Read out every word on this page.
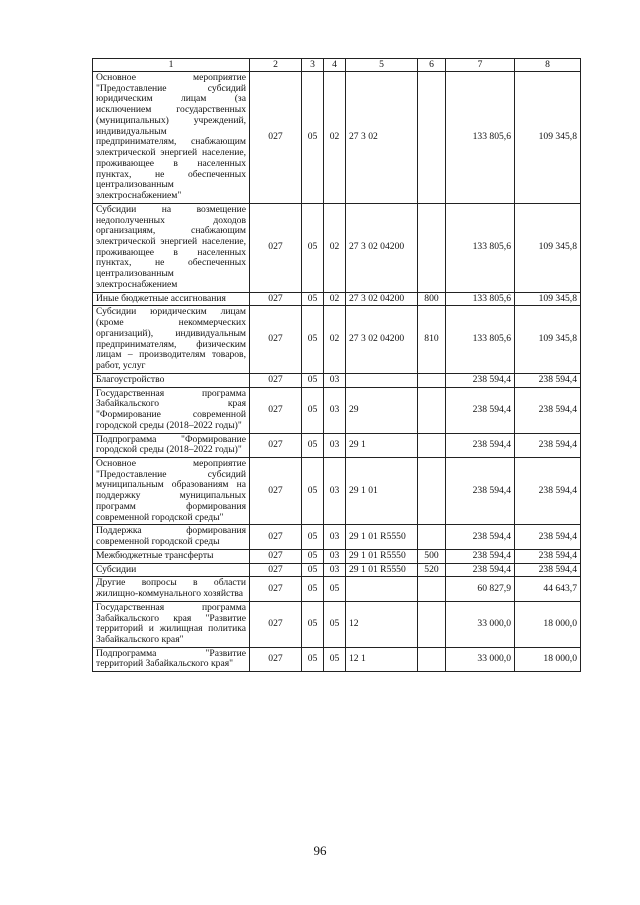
1	2	3	4	5	6	7	8
Основное мероприятие "Предоставление субсидий юридическим лицам (за исключением государственных (муниципальных) учреждений, индивидуальным предпринимателям, снабжающим электрической энергией население, проживающее в населенных пунктах, не обеспеченных централизованным электроснабжением"	027	05	02	27 3 02		133 805,6	109 345,8
Субсидии на возмещение недополученных доходов организациям, снабжающим электрической энергией население, проживающее в населенных пунктах, не обеспеченных централизованным электроснабжением	027	05	02	27 3 02 04200		133 805,6	109 345,8
Иные бюджетные ассигнования	027	05	02	27 3 02 04200	800	133 805,6	109 345,8
Субсидии юридическим лицам (кроме некоммерческих организаций), индивидуальным предпринимателям, физическим лицам – производителям товаров, работ, услуг	027	05	02	27 3 02 04200	810	133 805,6	109 345,8
Благоустройство	027	05	03			238 594,4	238 594,4
Государственная программа Забайкальского края "Формирование современной городской среды (2018–2022 годы)"	027	05	03	29		238 594,4	238 594,4
Подпрограмма "Формирование городской среды (2018–2022 годы)"	027	05	03	29 1		238 594,4	238 594,4
Основное мероприятие "Предоставление субсидий муниципальным образованиям на поддержку муниципальных программ формирования современной городской среды"	027	05	03	29 1 01		238 594,4	238 594,4
Поддержка формирования современной городской среды	027	05	03	29 1 01 R5550		238 594,4	238 594,4
Межбюджетные трансферты	027	05	03	29 1 01 R5550	500	238 594,4	238 594,4
Субсидии	027	05	03	29 1 01 R5550	520	238 594,4	238 594,4
Другие вопросы в области жилищно-коммунального хозяйства	027	05	05			60 827,9	44 643,7
Государственная программа Забайкальского края "Развитие территорий и жилищная политика Забайкальского края"	027	05	05	12		33 000,0	18 000,0
Подпрограмма "Развитие территорий Забайкальского края"	027	05	05	12 1		33 000,0	18 000,0
96
